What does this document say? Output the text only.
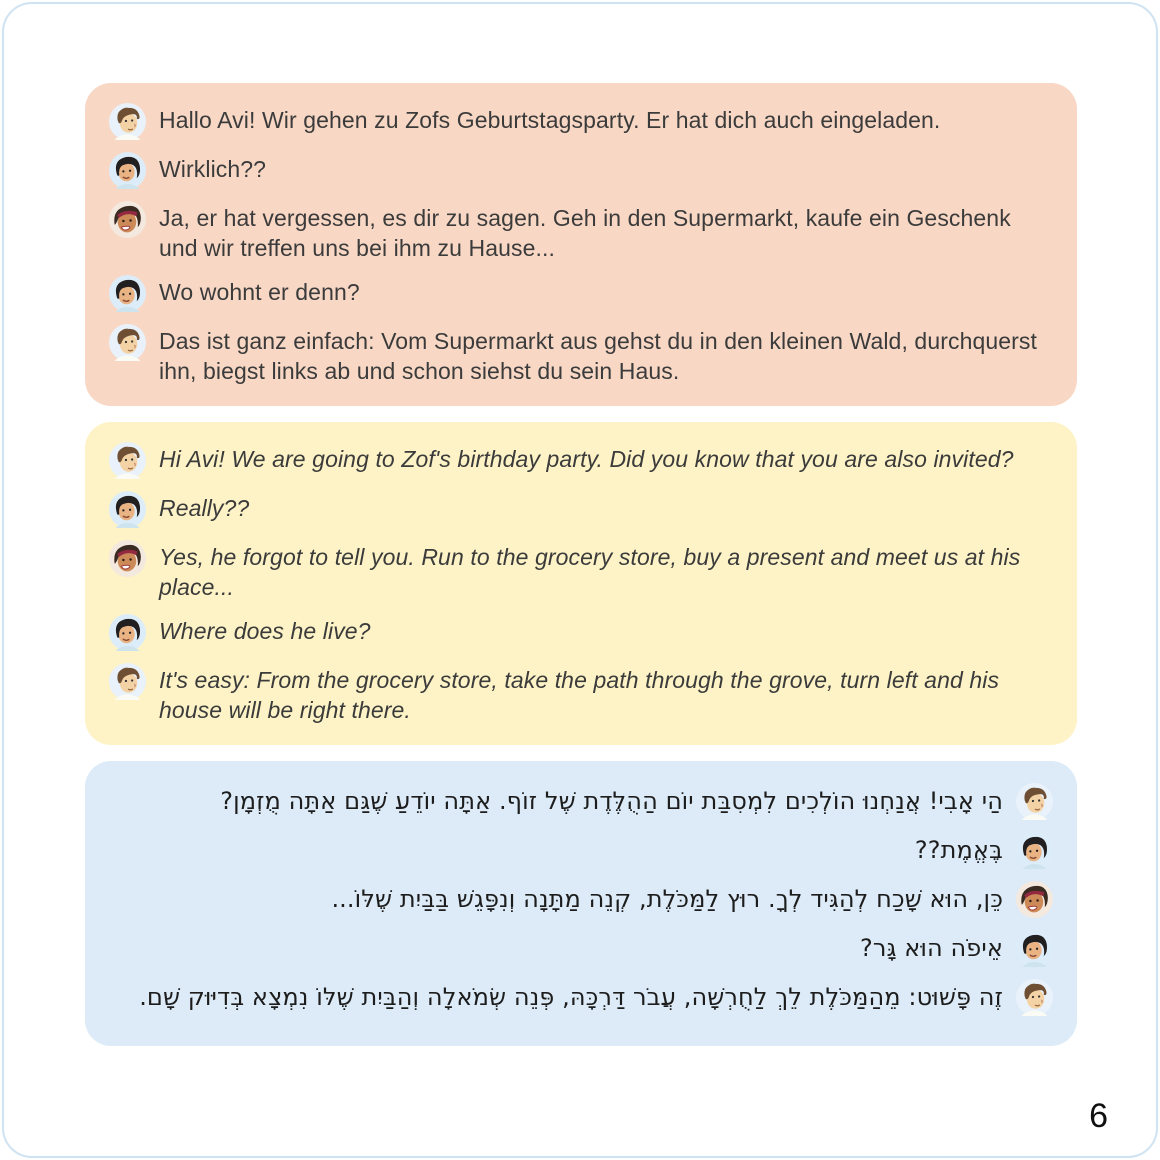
Hallo Avi! Wir gehen zu Zofs Geburtstagsparty. Er hat dich auch eingeladen.

Wirklich??

Ja, er hat vergessen, es dir zu sagen. Geh in den Supermarkt, kaufe ein Geschenk und wir treffen uns bei ihm zu Hause...

Wo wohnt er denn?

Das ist ganz einfach: Vom Supermarkt aus gehst du in den kleinen Wald, durchquerst ihn, biegst links ab und schon siehst du sein Haus.

Hi Avi! We are going to Zof's birthday party. Did you know that you are also invited?

Really??

Yes, he forgot to tell you. Run to the grocery store, buy a present and meet us at his place...

Where does he live?

It's easy: From the grocery store, take the path through the grove, turn left and his house will be right there.

הַי אָבִי! אֲנַחְנוּ הוֹלְכִים לִמְסִבַּת יוֹם הַהֻלֶּדֶת שֶׁל זוֹף. אַתָּה יוֹדֵעַ שֶׁגַּם אַתָּה מֻזְמָן?

בֶּאֱמֶת??

כֵּן, הוּא שָׁכַח לְהַגִּיד לְךָ. רוּץ לַמַּכֹּלֶת, קְנֵה מַתָּנָה וְנִפָּגֵשׁ בַּבַּיִת שֶׁלּוֹ...

אֵיפֹה הוּא גָּר?

זֶה פָּשׁוּט: מֵהַמַּכֹּלֶת לֵךְ לַחֻרְשָׁה, עֲבֹר דַּרְכָּהּ, פְּנֵה שְׂמֹאלָה וְהַבַּיִת שֶׁלּוֹ נִמְצָא בְּדִיּוּק שָׁם.

6
